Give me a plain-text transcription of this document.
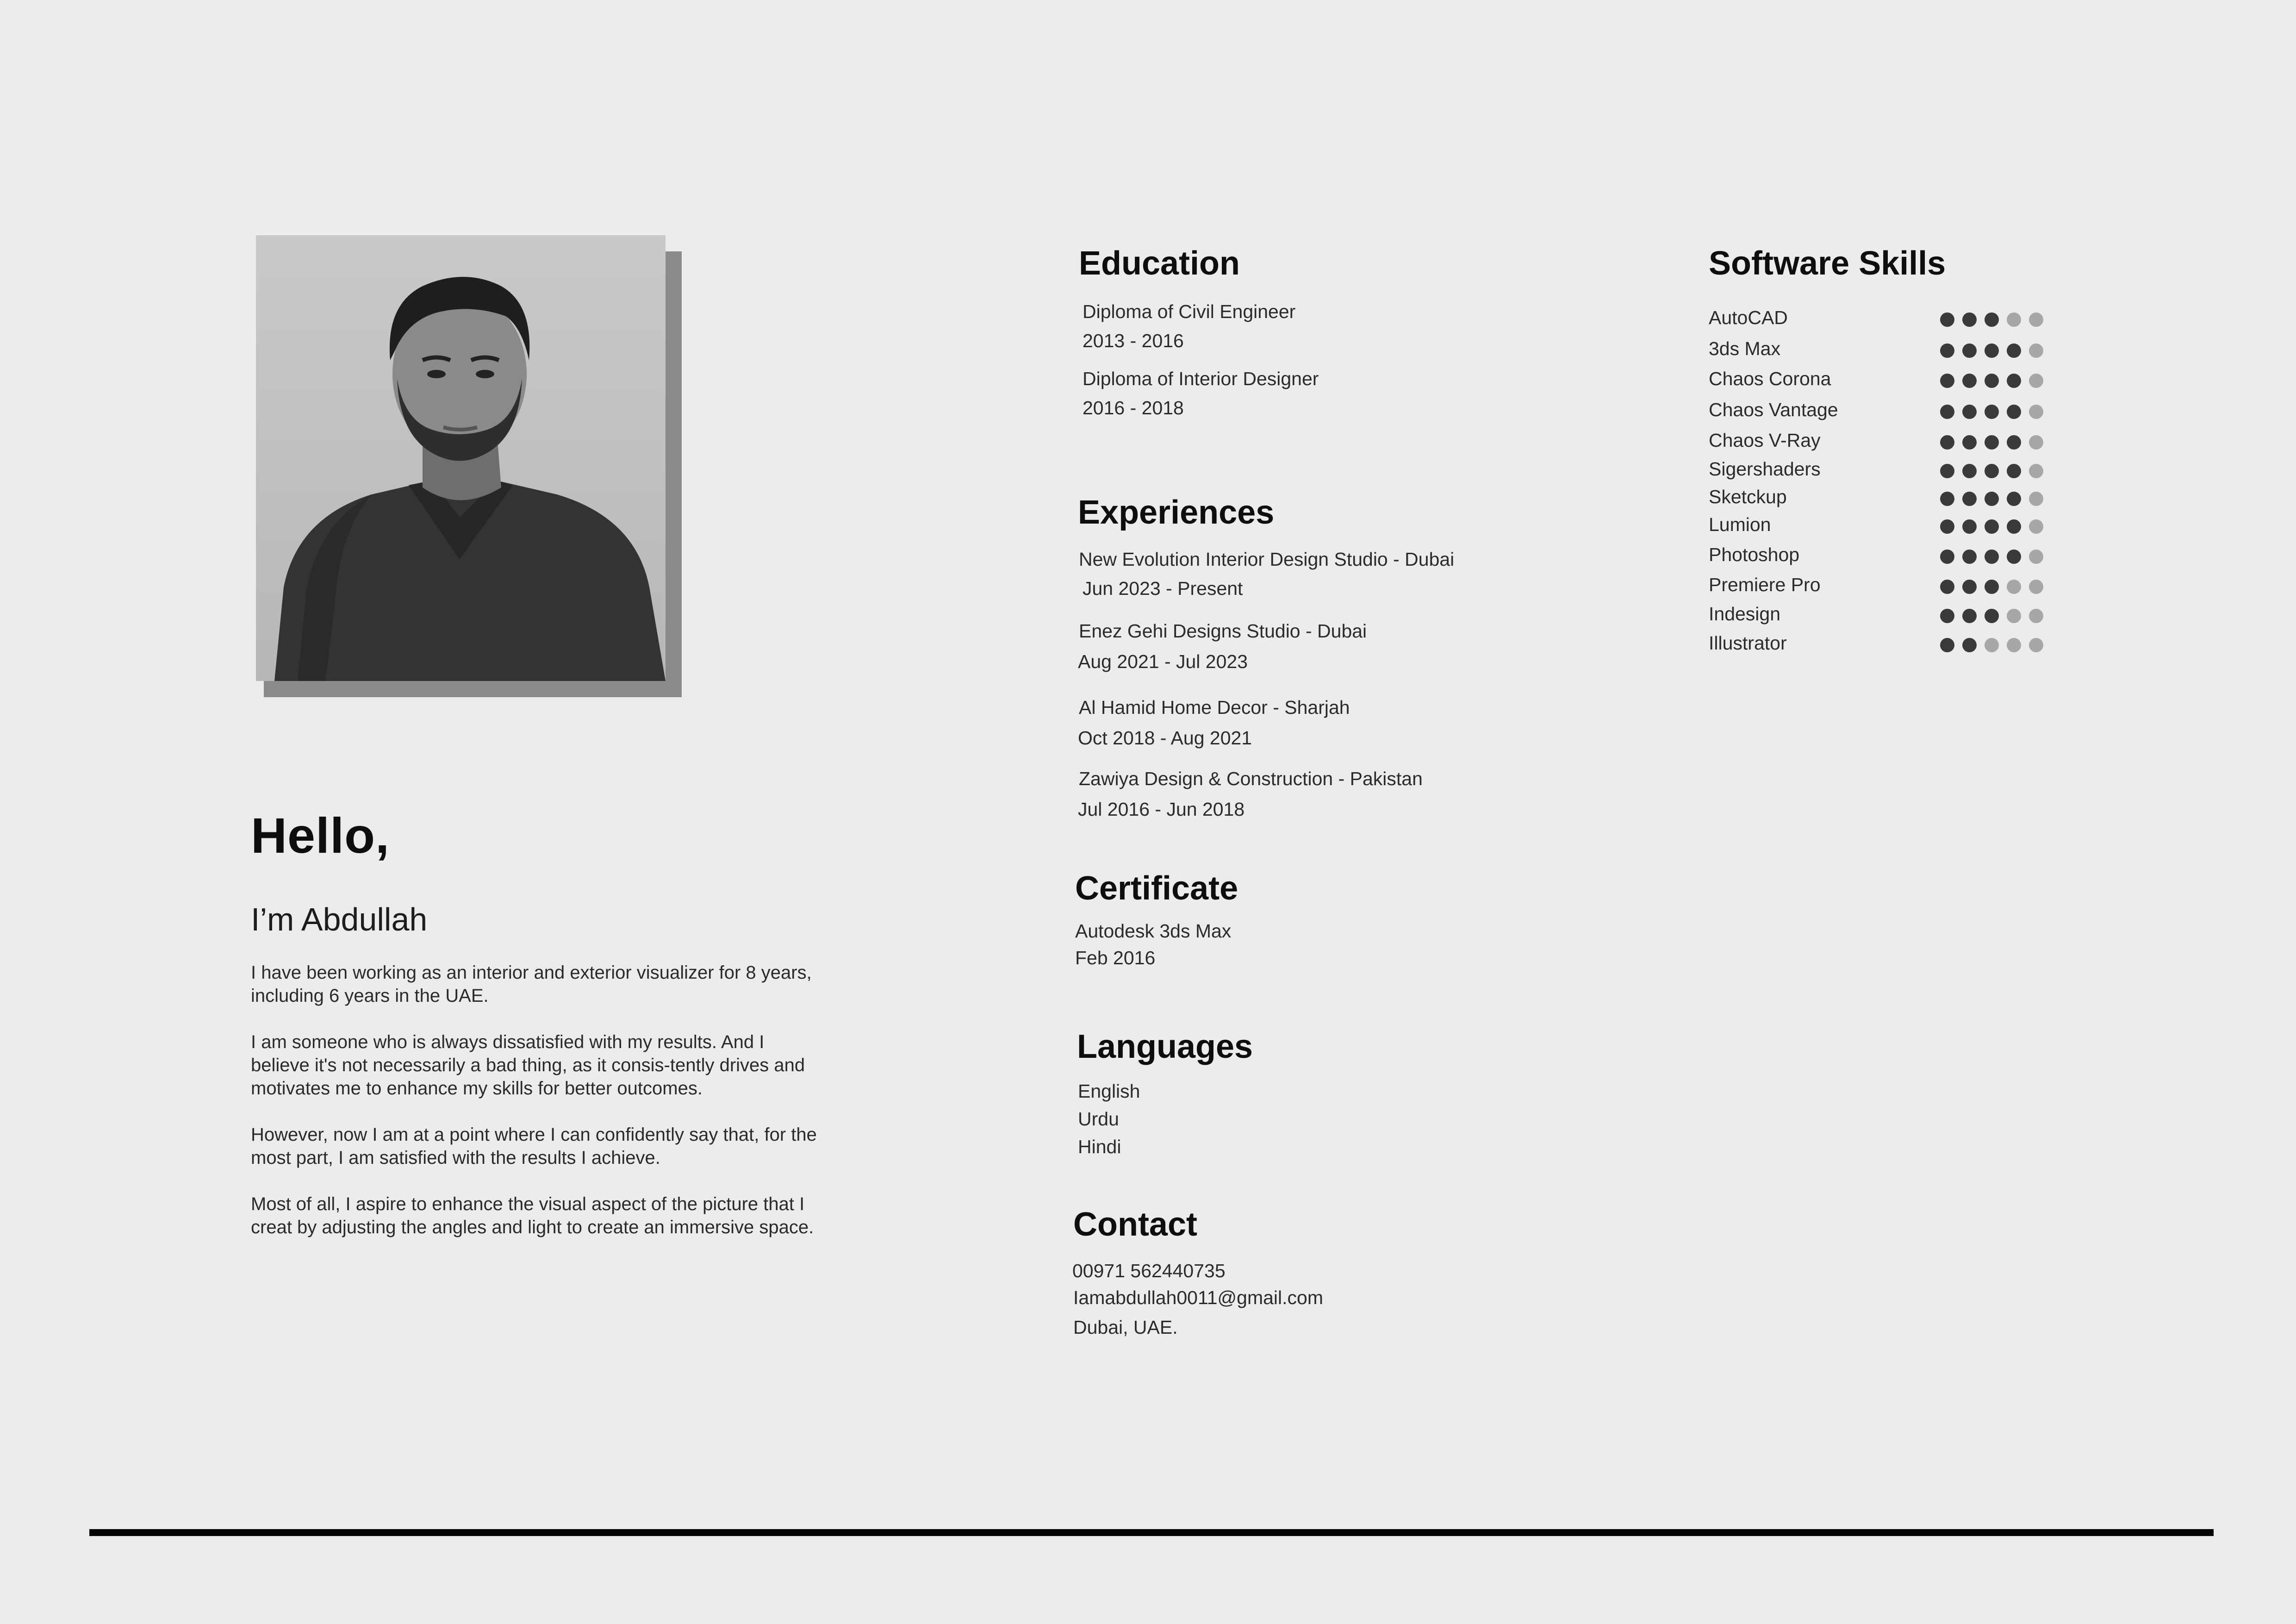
Hello,
I’m Abdullah

I have been working as an interior and exterior visualizer for 8 years, including 6 years in the UAE.

I am someone who is always dissatisfied with my results. And I believe it's not necessarily a bad thing, as it consis-tently drives and motivates me to enhance my skills for better outcomes.

However, now I am at a point where I can confidently say that, for the most part, I am satisfied with the results I achieve.

Most of all, I aspire to enhance the visual aspect of the picture that I creat by adjusting the angles and light to create an immersive space.

Education
Diploma of Civil Engineer
2013 - 2016
Diploma of Interior Designer
2016 - 2018
Experiences
New Evolution Interior Design Studio - Dubai
Jun 2023 - Present
Enez Gehi Designs Studio - Dubai
Aug 2021 - Jul 2023
Al Hamid Home Decor - Sharjah
Oct 2018 - Aug 2021
Zawiya Design & Construction - Pakistan
Jul 2016 - Jun 2018
Certificate
Autodesk 3ds Max
Feb 2016
Languages
English
Urdu
Hindi
Contact
00971 562440735
Iamabdullah0011@gmail.com
Dubai, UAE.
Software Skills
AutoCAD
3ds Max
Chaos Corona
Chaos Vantage
Chaos V-Ray
Sigershaders
Sketckup
Lumion
Photoshop
Premiere Pro
Indesign
Illustrator
